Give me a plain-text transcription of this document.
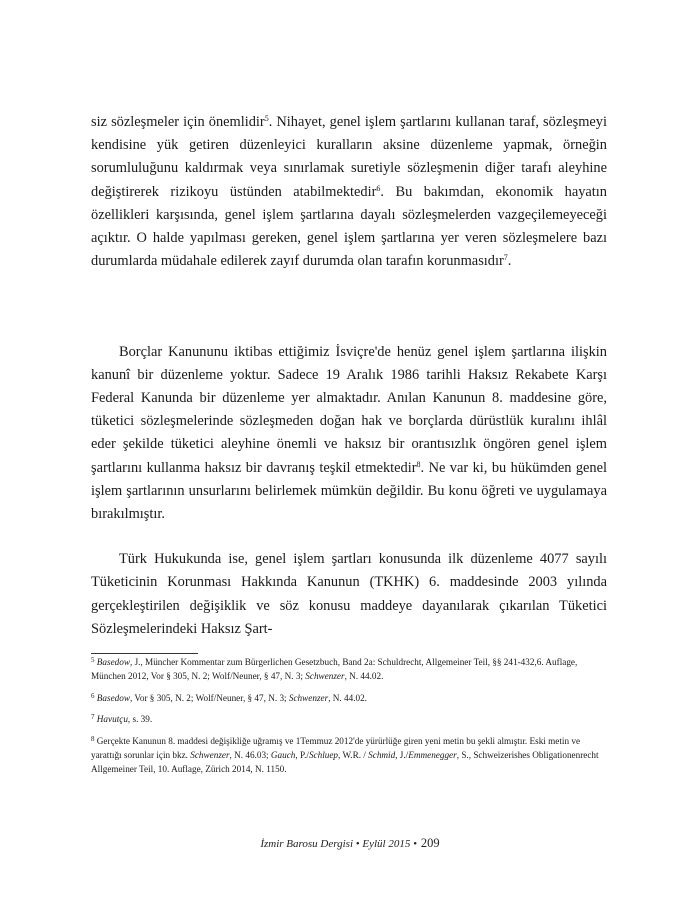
siz sözleşmeler için önemlidir$^5$. Nihayet, genel işlem şartlarını kullanan taraf, sözleşmeyi kendisine yük getiren düzenleyici kuralların aksine düzenleme yapmak, örneğin sorumluluğunu kaldırmak veya sınırlamak suretiyle sözleşmenin diğer tarafı aleyhine değiştirerek rizikoyu üstünden atabilmektedir$^6$. Bu bakımdan, ekonomik hayatın özellikleri karşısında, genel işlem şartlarına dayalı sözleşmelerden vazgeçilemeyeceği açıktır. O halde yapılması gereken, genel işlem şartlarına yer veren sözleşmelere bazı durumlarda müdahale edilerek zayıf durumda olan tarafın korunmasıdır$^7$.

Borçlar Kanununu iktibas ettiğimiz İsviçre'de henüz genel işlem şartlarına ilişkin kanunî bir düzenleme yoktur. Sadece 19 Aralık 1986 tarihli Haksız Rekabete Karşı Federal Kanunda bir düzenleme yer almaktadır. Anılan Kanunun 8. maddesine göre, tüketici sözleşmelerinde sözleşmeden doğan hak ve borçlarda dürüstlük kuralını ihlâl eder şekilde tüketici aleyhine önemli ve haksız bir orantısızlık öngören genel işlem şartlarını kullanma haksız bir davranış teşkil etmektedir$^8$. Ne var ki, bu hükümden genel işlem şartlarının unsurlarını belirlemek mümkün değildir. Bu konu öğreti ve uygulamaya bırakılmıştır.

Türk Hukukunda ise, genel işlem şartları konusunda ilk düzenleme 4077 sayılı Tüketicinin Korunması Hakkında Kanunun (TKHK) 6. maddesinde 2003 yılında gerçekleştirilen değişiklik ve söz konusu maddeye dayanılarak çıkarılan Tüketici Sözleşmelerindeki Haksız Şart-

$^5$ Basedow, J., Müncher Kommentar zum Bürgerlichen Gesetzbuch, Band 2a: Schuldrecht, Allgemeiner Teil, §§ 241-432,6. Auflage, München 2012, Vor § 305, N. 2; Wolf/Neuner, § 47, N. 3; Schwenzer, N. 44.02.

$^6$ Basedow, Vor § 305, N. 2; Wolf/Neuner, § 47, N. 3; Schwenzer, N. 44.02.

$^7$ Havutçu, s. 39.

$^8$ Gerçekte Kanunun 8. maddesi değişikliğe uğramış ve 1Temmuz 2012'de yürürlüğe giren yeni metin bu şekli almıştır. Eski metin ve yarattığı sorunlar için bkz. Schwenzer, N. 46.03; Gauch, P./Schluep, W.R. / Schmid, J./Emmenegger, S., Schweizerishes Obligationenrecht Allgemeiner Teil, 10. Auflage, Zürich 2014, N. 1150.

İzmir Barosu Dergisi • Eylül 2015 • 209
